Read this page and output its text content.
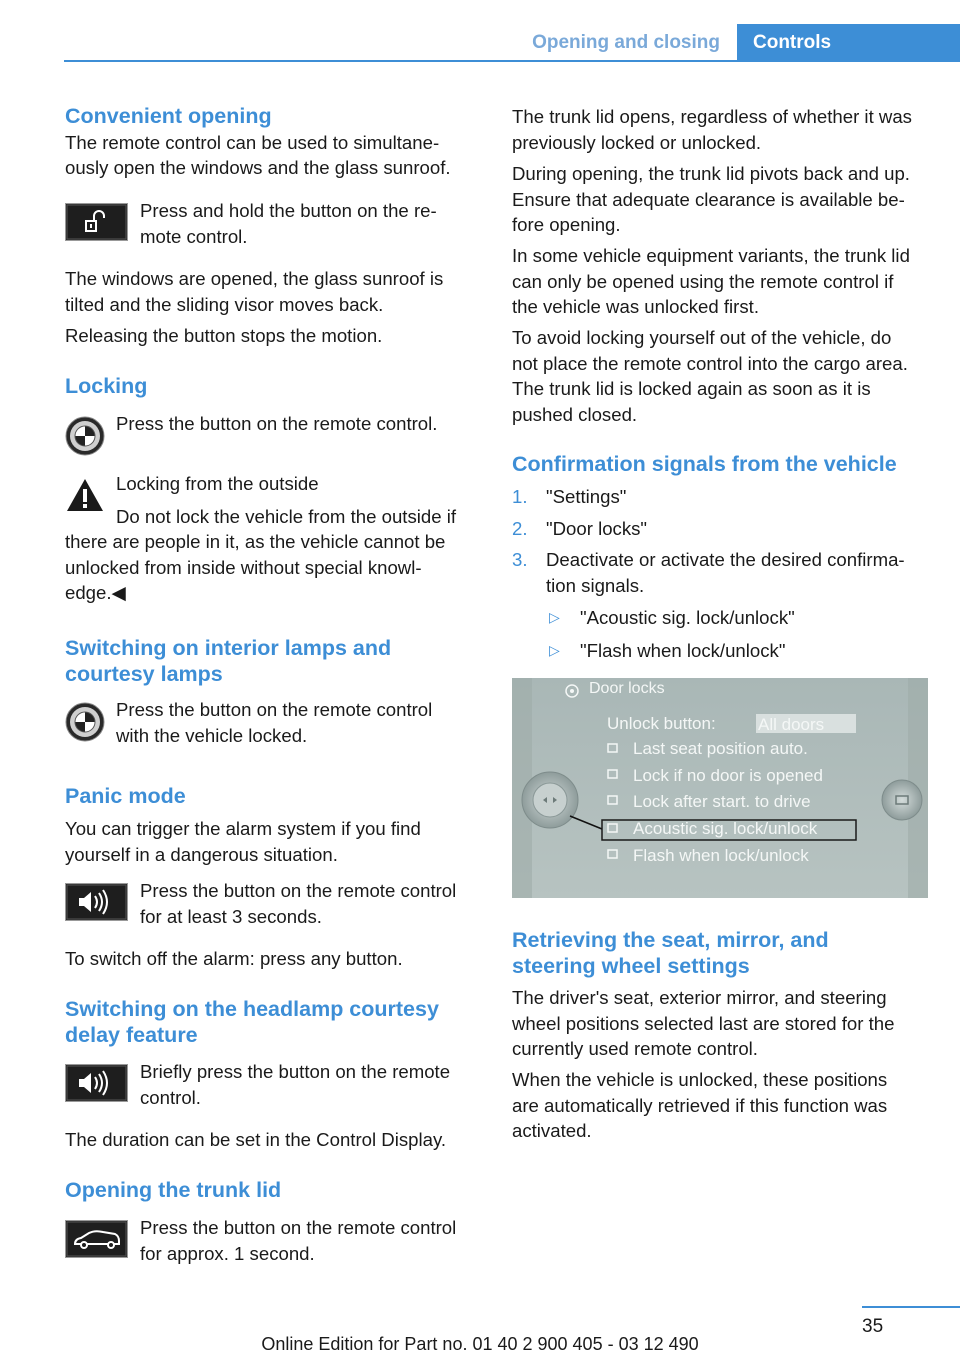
Opening and closing	Controls
Convenient opening
The remote control can be used to simultane-
ously open the windows and the glass sunroof.
Press and hold the button on the re-
mote control.
The windows are opened, the glass sunroof is
tilted and the sliding visor moves back.
Releasing the button stops the motion.
Locking
Press the button on the remote control.
Locking from the outside
Do not lock the vehicle from the outside if
there are people in it, as the vehicle cannot be
unlocked from inside without special knowl-
edge.◀
Switching on interior lamps and
courtesy lamps
Press the button on the remote control
with the vehicle locked.
Panic mode
You can trigger the alarm system if you find
yourself in a dangerous situation.
Press the button on the remote control
for at least 3 seconds.
To switch off the alarm: press any button.
Switching on the headlamp courtesy
delay feature
Briefly press the button on the remote
control.
The duration can be set in the Control Display.
Opening the trunk lid
Press the button on the remote control
for approx. 1 second.
The trunk lid opens, regardless of whether it was
previously locked or unlocked.
During opening, the trunk lid pivots back and up.
Ensure that adequate clearance is available be-
fore opening.
In some vehicle equipment variants, the trunk lid
can only be opened using the remote control if
the vehicle was unlocked first.
To avoid locking yourself out of the vehicle, do
not place the remote control into the cargo area.
The trunk lid is locked again as soon as it is
pushed closed.
Confirmation signals from the vehicle
1. "Settings"
2. "Door locks"
3. Deactivate or activate the desired confirma-
tion signals.
▷ "Acoustic sig. lock/unlock"
▷ "Flash when lock/unlock"
Door locks
Unlock button: All doors
Last seat position auto.
Lock if no door is opened
Lock after start. to drive
Acoustic sig. lock/unlock
Flash when lock/unlock
Retrieving the seat, mirror, and
steering wheel settings
The driver's seat, exterior mirror, and steering
wheel positions selected last are stored for the
currently used remote control.
When the vehicle is unlocked, these positions
are automatically retrieved if this function was
activated.
35
Online Edition for Part no. 01 40 2 900 405 - 03 12 490
